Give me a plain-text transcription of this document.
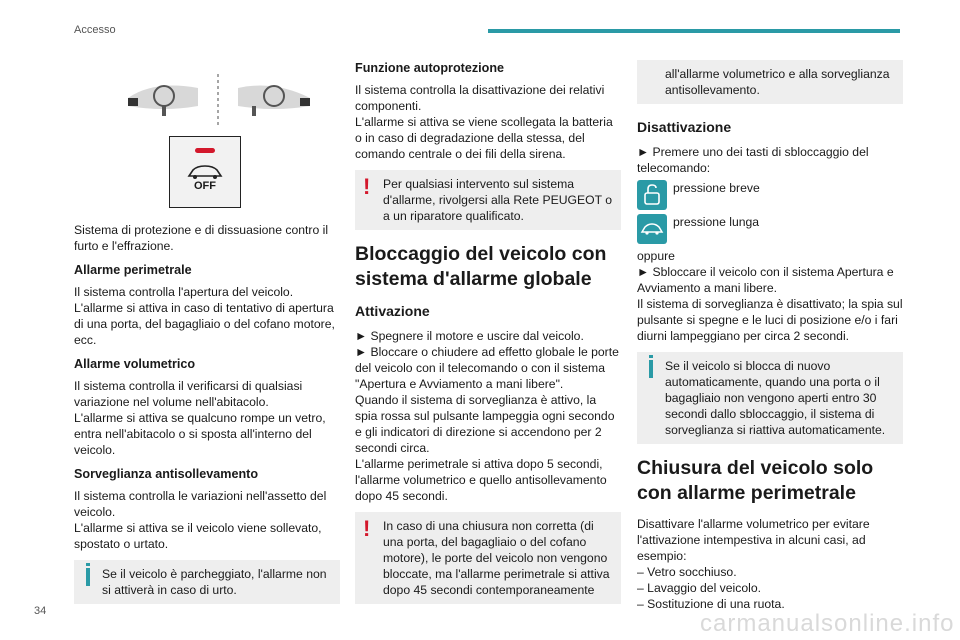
Accesso
OFF

Sistema di protezione e di dissuasione contro il furto e l'effrazione.

Allarme perimetrale

Il sistema controlla l'apertura del veicolo.
L'allarme si attiva in caso di tentativo di apertura di una porta, del bagagliaio o del cofano motore, ecc.

Allarme volumetrico

Il sistema controlla il verificarsi di qualsiasi variazione nel volume nell'abitacolo.
L'allarme si attiva se qualcuno rompe un vetro, entra nell'abitacolo o si sposta all'interno del veicolo.

Sorveglianza antisollevamento

Il sistema controlla le variazioni nell'assetto del veicolo.
L'allarme si attiva se il veicolo viene sollevato, spostato o urtato.

Se il veicolo è parcheggiato, l'allarme non si attiverà in caso di urto.

Funzione autoprotezione

Il sistema controlla la disattivazione dei relativi componenti.
L'allarme si attiva se viene scollegata la batteria o in caso di degradazione della stessa, del comando centrale o dei fili della sirena.

!	Per qualsiasi intervento sul sistema d'allarme, rivolgersi alla Rete PEUGEOT o a un riparatore qualificato.

Bloccaggio del veicolo con sistema d'allarme globale
Attivazione

► Spegnere il motore e uscire dal veicolo.
► Bloccare o chiudere ad effetto globale le porte del veicolo con il telecomando o con il sistema "Apertura e Avviamento a mani libere".
Quando il sistema di sorveglianza è attivo, la spia rossa sul pulsante lampeggia ogni secondo e gli indicatori di direzione si accendono per 2 secondi circa.
L'allarme perimetrale si attiva dopo 5 secondi, l'allarme volumetrico e quello antisollevamento dopo 45 secondi.

!	In caso di una chiusura non corretta (di una porta, del bagagliaio o del cofano motore), le porte del veicolo non vengono bloccate, ma l'allarme perimetrale si attiva dopo 45 secondi contemporaneamente

all'allarme volumetrico e alla sorveglianza antisollevamento.

Disattivazione

► Premere uno dei tasti di sbloccaggio del telecomando:

pressione breve

pressione lunga

oppure
► Sbloccare il veicolo con il sistema Apertura e Avviamento a mani libere.
Il sistema di sorveglianza è disattivato; la spia sul pulsante si spegne e le luci di posizione e/o i fari diurni lampeggiano per circa 2 secondi.

Se il veicolo si blocca di nuovo automaticamente, quando una porta o il bagagliaio non vengono aperti entro 30 secondi dallo sbloccaggio, il sistema di sorveglianza si riattiva automaticamente.

Chiusura del veicolo solo con allarme perimetrale

Disattivare l'allarme volumetrico per evitare l'attivazione intempestiva in alcuni casi, ad esempio:
– Vetro socchiuso.
– Lavaggio del veicolo.
– Sostituzione di una ruota.

34	carmanualsonline.info
